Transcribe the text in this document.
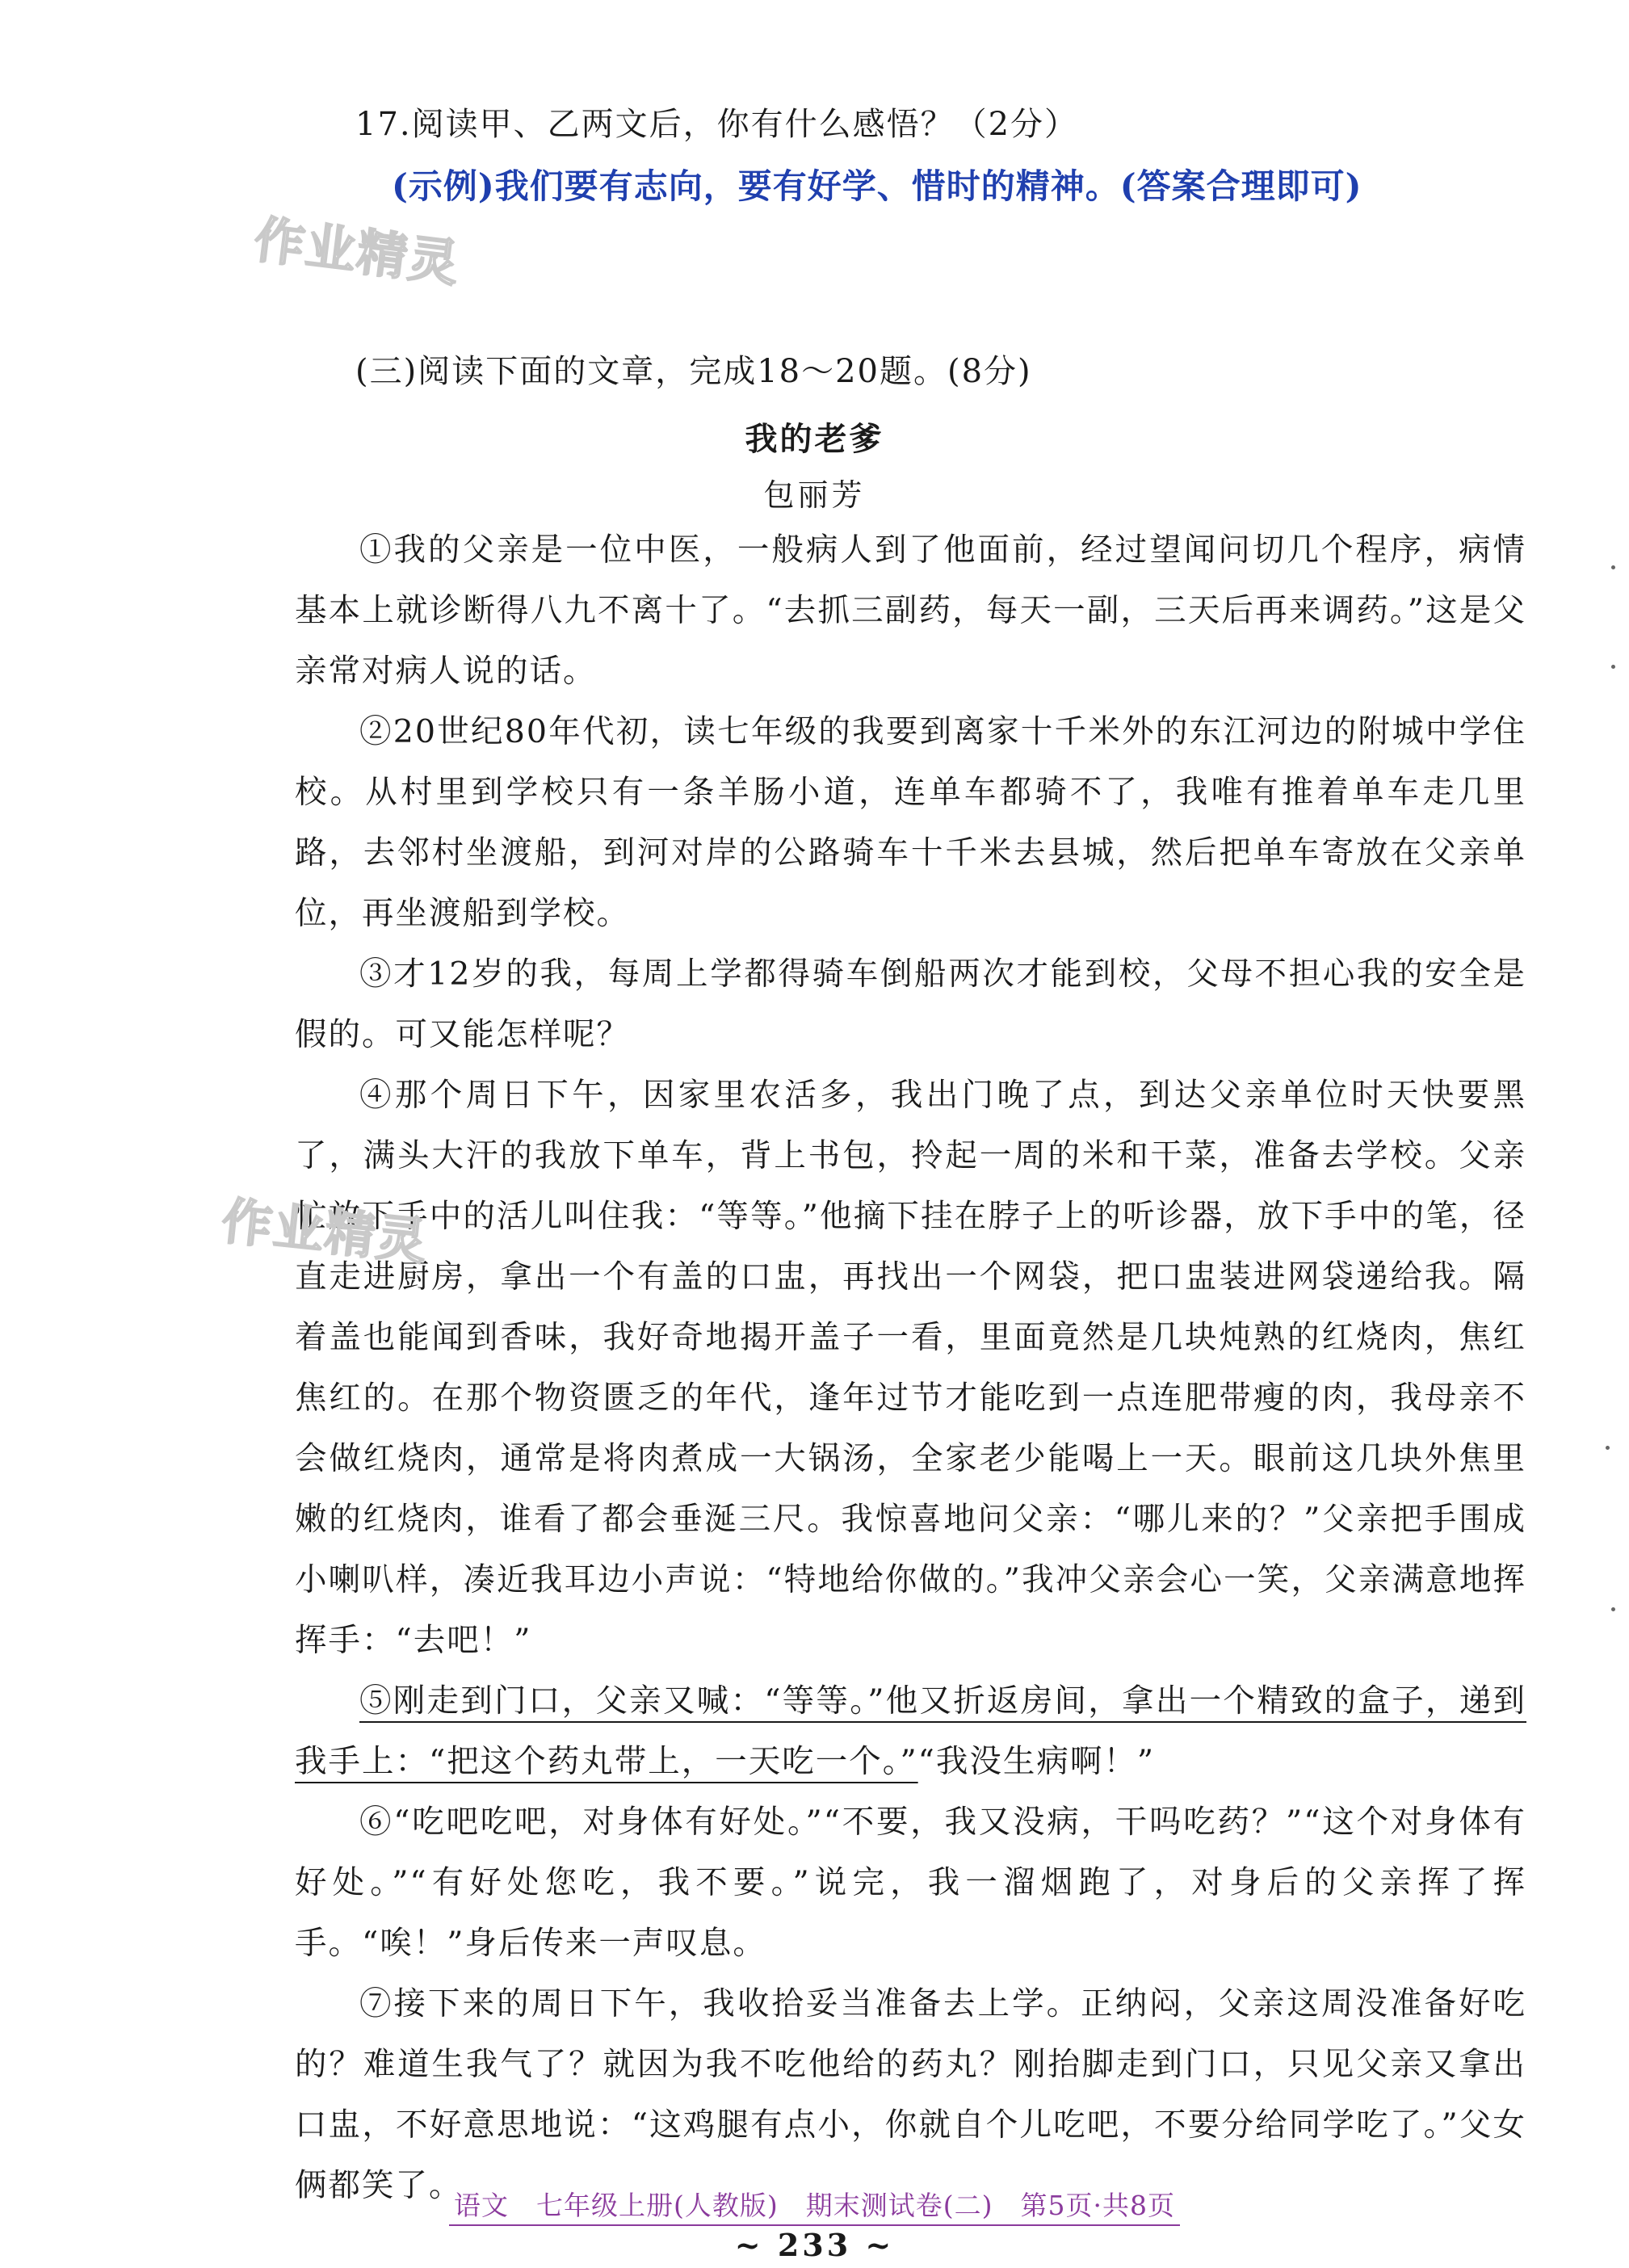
17.阅读甲、乙两文后，你有什么感悟？（2分）
(示例)我们要有志向，要有好学、惜时的精神。(答案合理即可)
作业精灵
(三)阅读下面的文章，完成18～20题。(8分)
我的老爹
包丽芳

①我的父亲是一位中医，一般病人到了他面前，经过望闻问切几个程序，病情基本上就诊断得八九不离十了。“去抓三副药，每天一副，三天后再来调药。”这是父亲常对病人说的话。

②20世纪80年代初，读七年级的我要到离家十千米外的东江河边的附城中学住校。从村里到学校只有一条羊肠小道，连单车都骑不了，我唯有推着单车走几里路，去邻村坐渡船，到河对岸的公路骑车十千米去县城，然后把单车寄放在父亲单位，再坐渡船到学校。

③才12岁的我，每周上学都得骑车倒船两次才能到校，父母不担心我的安全是假的。可又能怎样呢？

④那个周日下午，因家里农活多，我出门晚了点，到达父亲单位时天快要黑了，满头大汗的我放下单车，背上书包，拎起一周的米和干菜，准备去学校。父亲忙放下手中的活儿叫住我：“等等。”他摘下挂在脖子上的听诊器，放下手中的笔，径直走进厨房，拿出一个有盖的口盅，再找出一个网袋，把口盅装进网袋递给我。隔着盖也能闻到香味，我好奇地揭开盖子一看，里面竟然是几块炖熟的红烧肉，焦红焦红的。在那个物资匮乏的年代，逢年过节才能吃到一点连肥带瘦的肉，我母亲不会做红烧肉，通常是将肉煮成一大锅汤，全家老少能喝上一天。眼前这几块外焦里嫩的红烧肉，谁看了都会垂涎三尺。我惊喜地问父亲：“哪儿来的？”父亲把手围成小喇叭样，凑近我耳边小声说：“特地给你做的。”我冲父亲会心一笑，父亲满意地挥挥手：“去吧！”

⑤刚走到门口，父亲又喊：“等等。”他又折返房间，拿出一个精致的盒子，递到我手上：“把这个药丸带上，一天吃一个。”“我没生病啊！”

⑥“吃吧吃吧，对身体有好处。”“不要，我又没病，干吗吃药？”“这个对身体有好处。”“有好处您吃，我不要。”说完，我一溜烟跑了，对身后的父亲挥了挥手。“唉！”身后传来一声叹息。

⑦接下来的周日下午，我收拾妥当准备去上学。正纳闷，父亲这周没准备好吃的？难道生我气了？就因为我不吃他给的药丸？刚抬脚走到门口，只见父亲又拿出口盅，不好意思地说：“这鸡腿有点小，你就自个儿吃吧，不要分给同学吃了。”父女俩都笑了。

作业精灵
语文　七年级上册(人教版)　期末测试卷(二)　第5页·共8页
~ 233 ~
